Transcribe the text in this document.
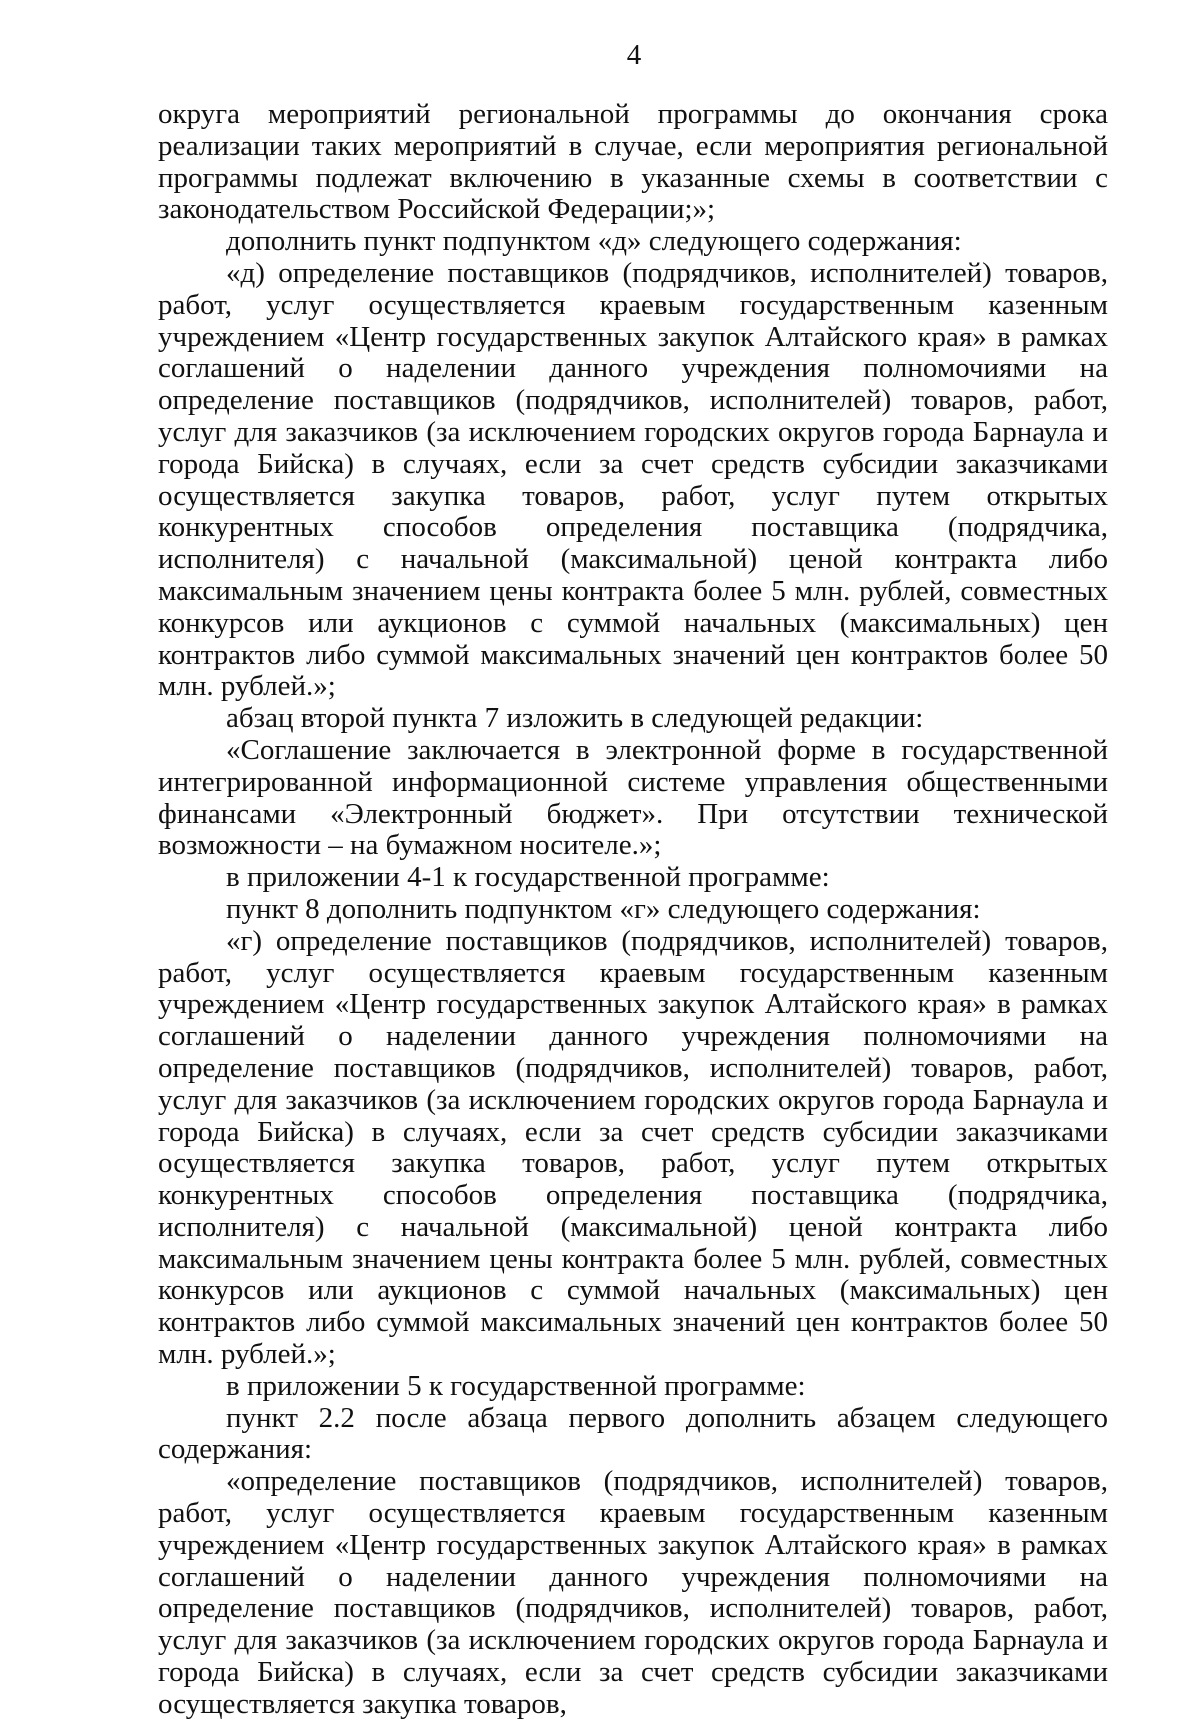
4

округа мероприятий региональной программы до окончания срока реализации таких мероприятий в случае, если мероприятия региональной программы подлежат включению в указанные схемы в соответствии с законодательством Российской Федерации;»;

дополнить пункт подпунктом «д» следующего содержания:

«д) определение поставщиков (подрядчиков, исполнителей) товаров, работ, услуг осуществляется краевым государственным казенным учреждением «Центр государственных закупок Алтайского края» в рамках соглашений о наделении данного учреждения полномочиями на определение поставщиков (подрядчиков, исполнителей) товаров, работ, услуг для заказчиков (за исключением городских округов города Барнаула и города Бийска) в случаях, если за счет средств субсидии заказчиками осуществляется закупка товаров, работ, услуг путем открытых конкурентных способов определения поставщика (подрядчика, исполнителя) с начальной (максимальной) ценой контракта либо максимальным значением цены контракта более 5 млн. рублей, совместных конкурсов или аукционов с суммой начальных (максимальных) цен контрактов либо суммой максимальных значений цен контрактов более 50 млн. рублей.»;

абзац второй пункта 7 изложить в следующей редакции:

«Соглашение заключается в электронной форме в государственной интегрированной информационной системе управления общественными финансами «Электронный бюджет». При отсутствии технической возможности – на бумажном носителе.»;

в приложении 4-1 к государственной программе:

пункт 8 дополнить подпунктом «г» следующего содержания:

«г) определение поставщиков (подрядчиков, исполнителей) товаров, работ, услуг осуществляется краевым государственным казенным учреждением «Центр государственных закупок Алтайского края» в рамках соглашений о наделении данного учреждения полномочиями на определение поставщиков (подрядчиков, исполнителей) товаров, работ, услуг для заказчиков (за исключением городских округов города Барнаула и города Бийска) в случаях, если за счет средств субсидии заказчиками осуществляется закупка товаров, работ, услуг путем открытых конкурентных способов определения поставщика (подрядчика, исполнителя) с начальной (максимальной) ценой контракта либо максимальным значением цены контракта более 5 млн. рублей, совместных конкурсов или аукционов с суммой начальных (максимальных) цен контрактов либо суммой максимальных значений цен контрактов более 50 млн. рублей.»;

в приложении 5 к государственной программе:

пункт 2.2 после абзаца первого дополнить абзацем следующего содержания:

«определение поставщиков (подрядчиков, исполнителей) товаров, работ, услуг осуществляется краевым государственным казенным учреждением «Центр государственных закупок Алтайского края» в рамках соглашений о наделении данного учреждения полномочиями на определение поставщиков (подрядчиков, исполнителей) товаров, работ, услуг для заказчиков (за исключением городских округов города Барнаула и города Бийска) в случаях, если за счет средств субсидии заказчиками осуществляется закупка товаров,
